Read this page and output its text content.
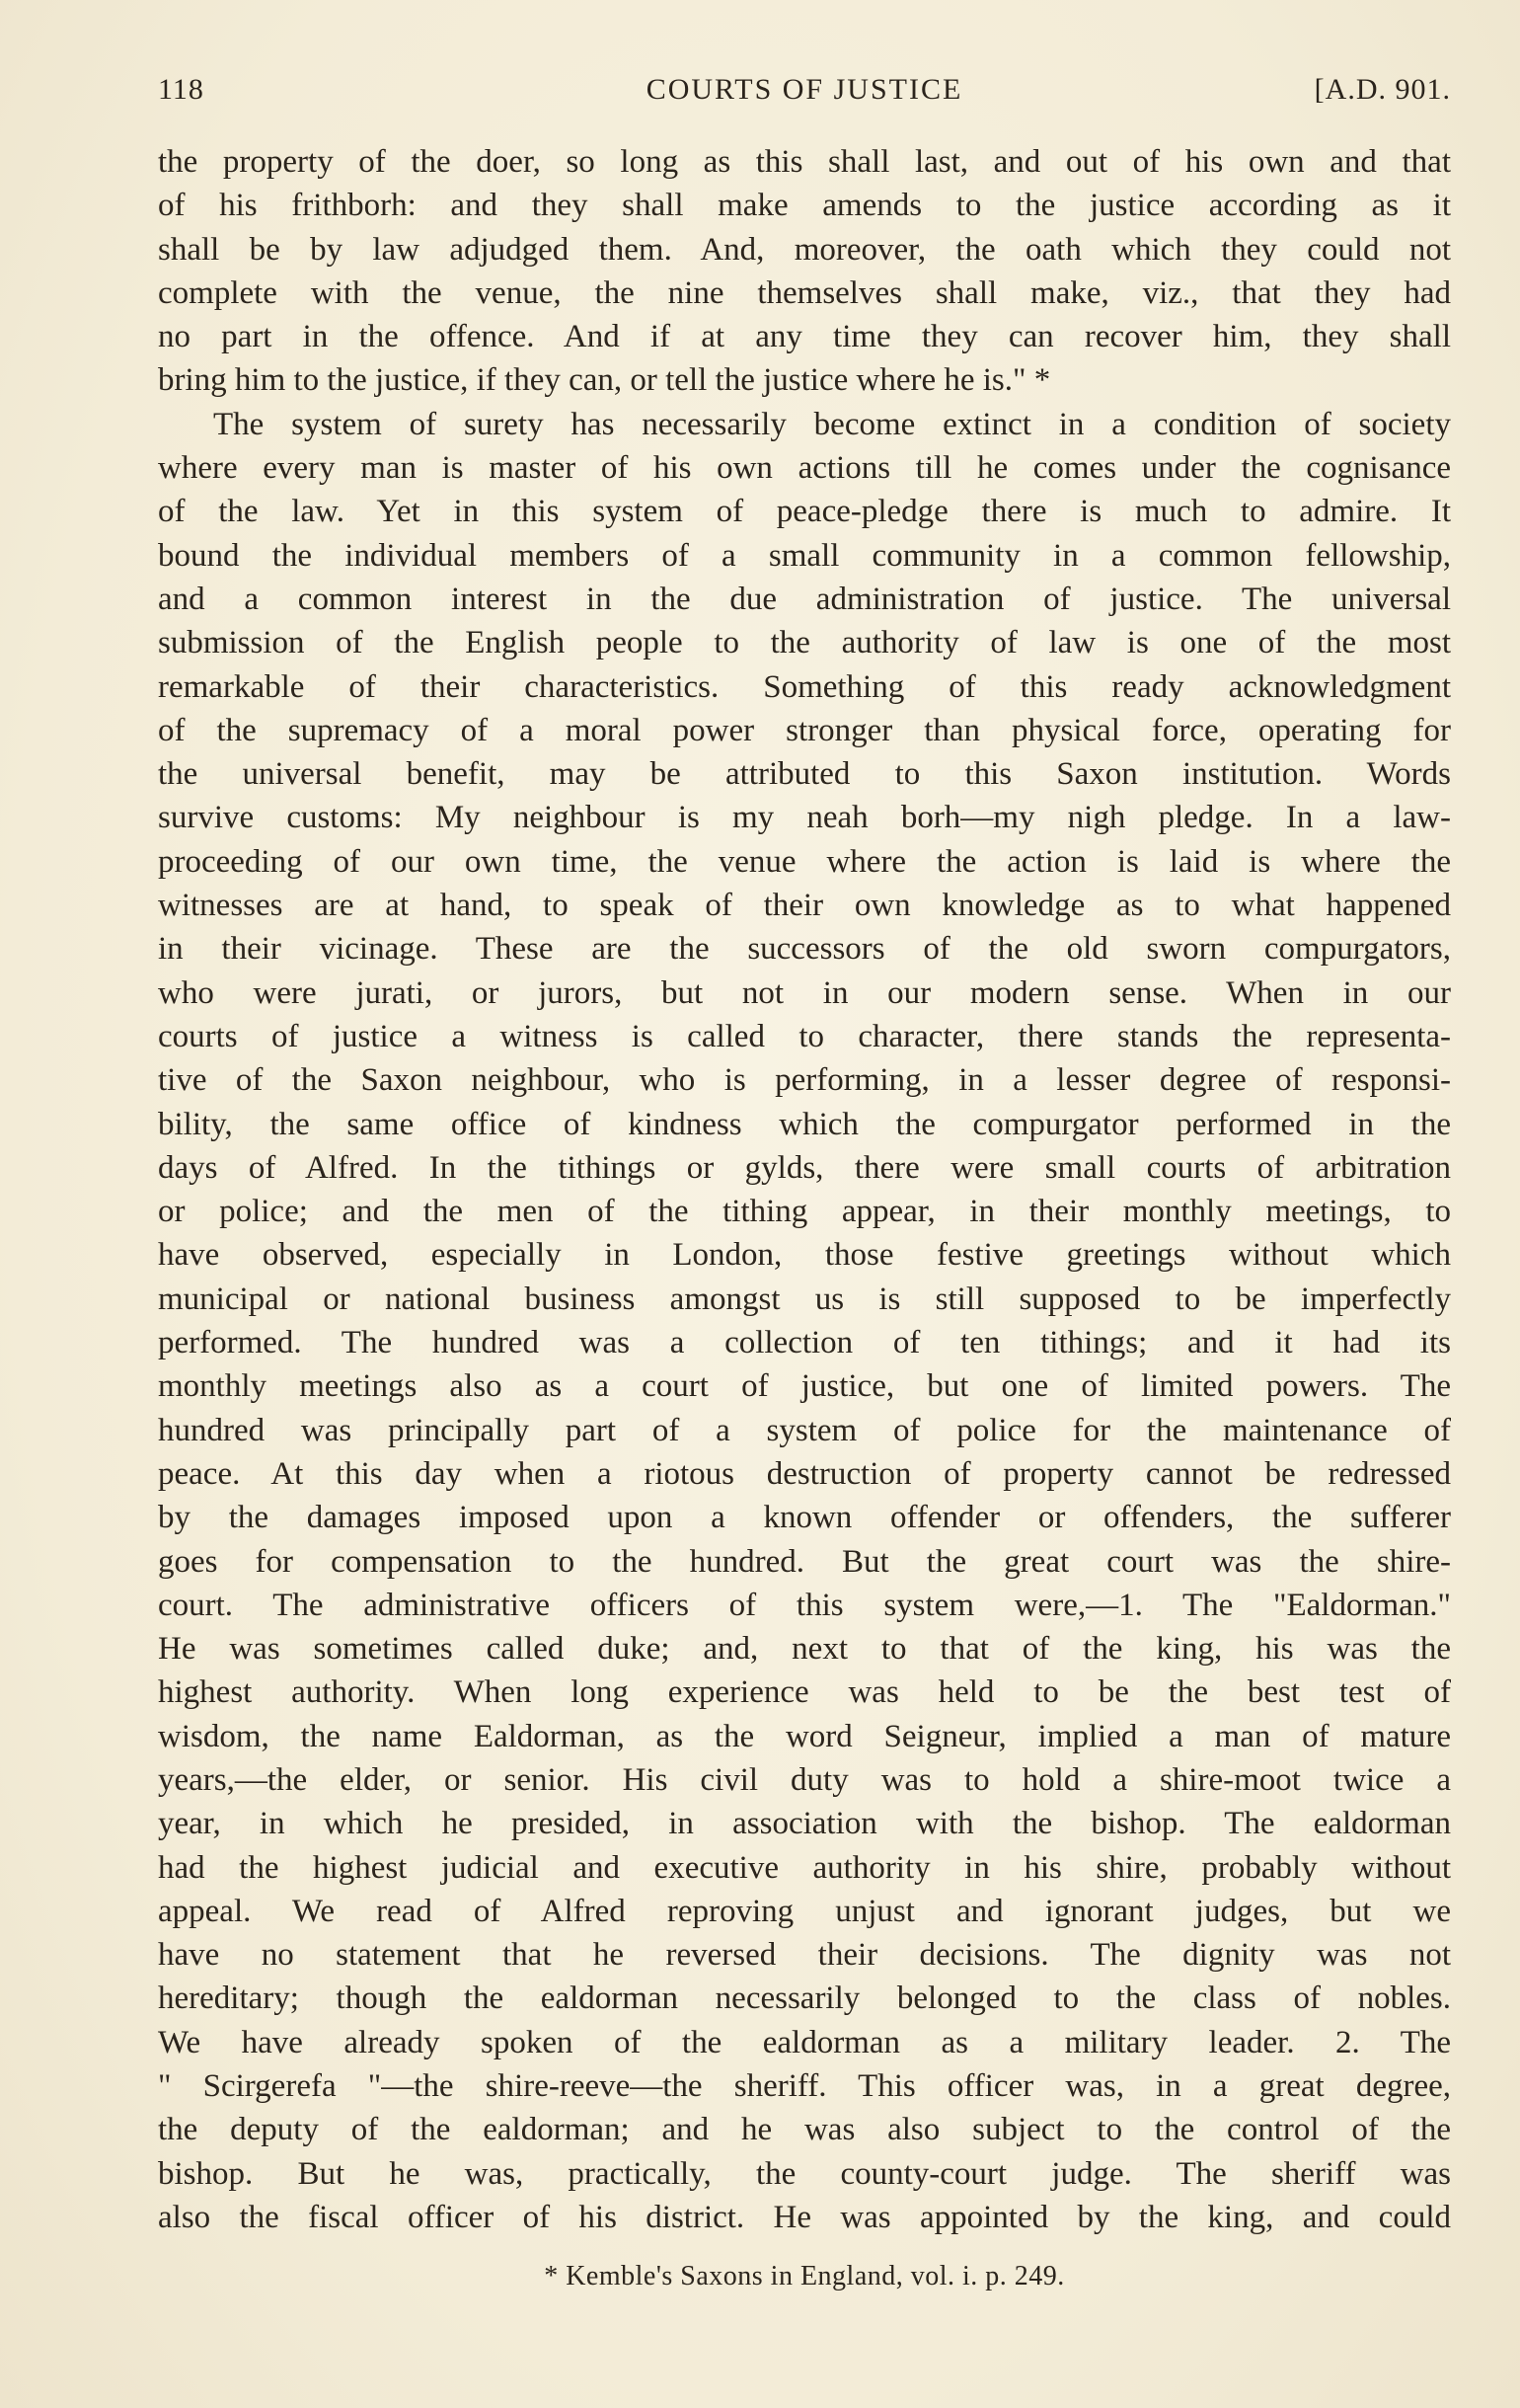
118	COURTS OF JUSTICE	[A.D. 901.
the property of the doer, so long as this shall last, and out of his own and that
of his frithborh: and they shall make amends to the justice according as it
shall be by law adjudged them. And, moreover, the oath which they could not
complete with the venue, the nine themselves shall make, viz., that they had
no part in the offence. And if at any time they can recover him, they shall
bring him to the justice, if they can, or tell the justice where he is." *
The system of surety has necessarily become extinct in a condition of society
where every man is master of his own actions till he comes under the cognisance
of the law. Yet in this system of peace-pledge there is much to admire. It
bound the individual members of a small community in a common fellowship,
and a common interest in the due administration of justice. The universal
submission of the English people to the authority of law is one of the most
remarkable of their characteristics. Something of this ready acknowledgment
of the supremacy of a moral power stronger than physical force, operating for
the universal benefit, may be attributed to this Saxon institution. Words
survive customs: My neighbour is my neah borh—my nigh pledge. In a law-
proceeding of our own time, the venue where the action is laid is where the
witnesses are at hand, to speak of their own knowledge as to what happened
in their vicinage. These are the successors of the old sworn compurgators,
who were jurati, or jurors, but not in our modern sense. When in our
courts of justice a witness is called to character, there stands the representa-
tive of the Saxon neighbour, who is performing, in a lesser degree of responsi-
bility, the same office of kindness which the compurgator performed in the
days of Alfred. In the tithings or gylds, there were small courts of arbitration
or police; and the men of the tithing appear, in their monthly meetings, to
have observed, especially in London, those festive greetings without which
municipal or national business amongst us is still supposed to be imperfectly
performed. The hundred was a collection of ten tithings; and it had its
monthly meetings also as a court of justice, but one of limited powers. The
hundred was principally part of a system of police for the maintenance of
peace. At this day when a riotous destruction of property cannot be redressed
by the damages imposed upon a known offender or offenders, the sufferer
goes for compensation to the hundred. But the great court was the shire-
court. The administrative officers of this system were,—1. The "Ealdorman."
He was sometimes called duke; and, next to that of the king, his was the
highest authority. When long experience was held to be the best test of
wisdom, the name Ealdorman, as the word Seigneur, implied a man of mature
years,—the elder, or senior. His civil duty was to hold a shire-moot twice a
year, in which he presided, in association with the bishop. The ealdorman
had the highest judicial and executive authority in his shire, probably without
appeal. We read of Alfred reproving unjust and ignorant judges, but we
have no statement that he reversed their decisions. The dignity was not
hereditary; though the ealdorman necessarily belonged to the class of nobles.
We have already spoken of the ealdorman as a military leader. 2. The
" Scirgerefa "—the shire-reeve—the sheriff. This officer was, in a great degree,
the deputy of the ealdorman; and he was also subject to the control of the
bishop. But he was, practically, the county-court judge. The sheriff was
also the fiscal officer of his district. He was appointed by the king, and could
* Kemble's Saxons in England, vol. i. p. 249.
